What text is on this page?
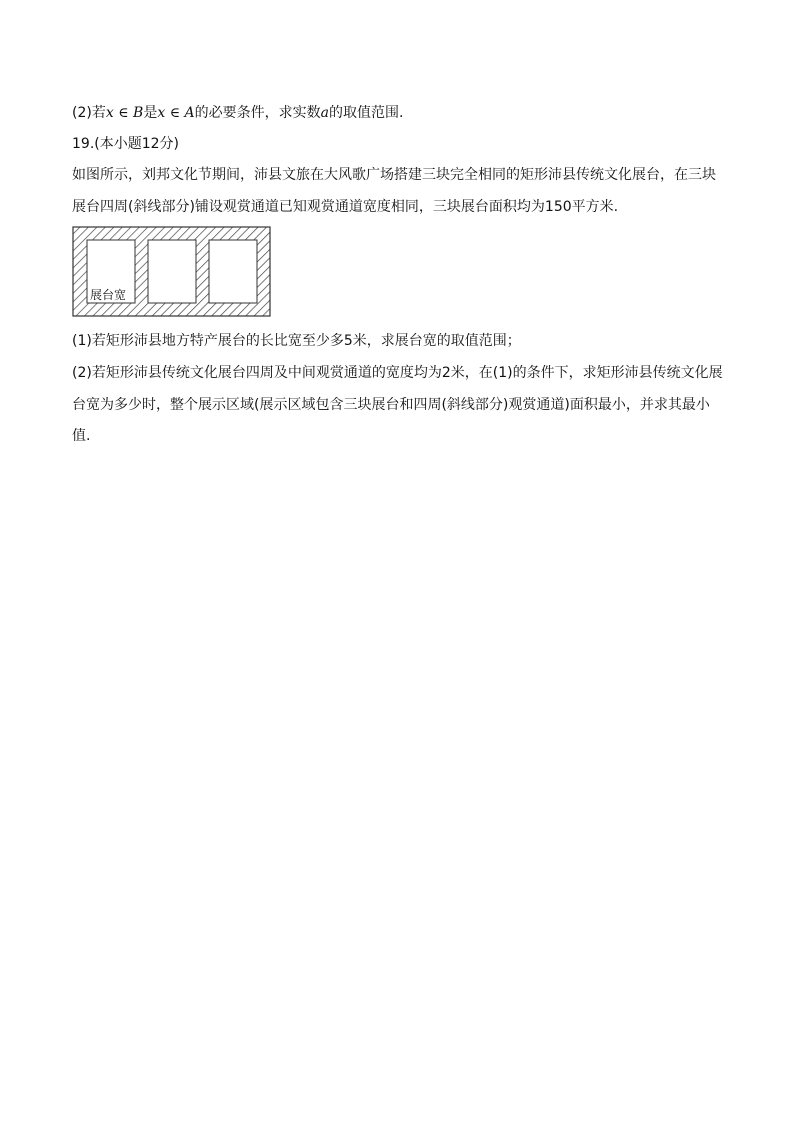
(2)若x ∈ B是x ∈ A的必要条件，求实数a的取值范围.
19.(本小题12分)
如图所示，刘邦文化节期间，沛县文旅在大风歌广场搭建三块完全相同的矩形沛县传统文化展台，在三块
展台四周(斜线部分)铺设观赏通道已知观赏通道宽度相同，三块展台面积均为150平方米.
展台宽
(1)若矩形沛县地方特产展台的长比宽至少多5米，求展台宽的取值范围；
(2)若矩形沛县传统文化展台四周及中间观赏通道的宽度均为2米，在(1)的条件下，求矩形沛县传统文化展
台宽为多少时，整个展示区域(展示区域包含三块展台和四周(斜线部分)观赏通道)面积最小，并求其最小
值.
